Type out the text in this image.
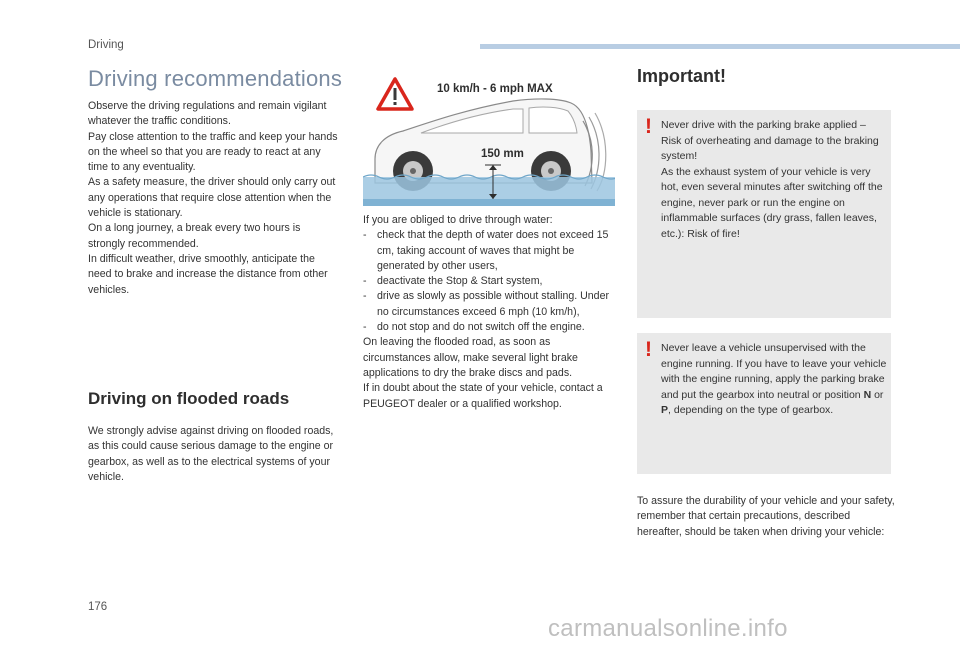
Driving
Driving recommendations

Observe the driving regulations and remain vigilant whatever the traffic conditions.

Pay close attention to the traffic and keep your hands on the wheel so that you are ready to react at any time to any eventuality.

As a safety measure, the driver should only carry out any operations that require close attention when the vehicle is stationary.

On a long journey, a break every two hours is strongly recommended.

In difficult weather, drive smoothly, anticipate the need to brake and increase the distance from other vehicles.

Driving on flooded roads

We strongly advise against driving on flooded roads, as this could cause serious damage to the engine or gearbox, as well as to the electrical systems of your vehicle.

10 km/h - 6 mph MAX
150 mm

If you are obliged to drive through water:

- check that the depth of water does not exceed 15 cm, taking account of waves that might be generated by other users,
- deactivate the Stop & Start system,
- drive as slowly as possible without stalling. Under no circumstances exceed 6 mph (10 km/h),
- do not stop and do not switch off the engine.

On leaving the flooded road, as soon as circumstances allow, make several light brake applications to dry the brake discs and pads.

If in doubt about the state of your vehicle, contact a PEUGEOT dealer or a qualified workshop.

Important!
! Never drive with the parking brake applied – Risk of overheating and damage to the braking system!

As the exhaust system of your vehicle is very hot, even several minutes after switching off the engine, never park or run the engine on inflammable surfaces (dry grass, fallen leaves, etc.): Risk of fire!

! Never leave a vehicle unsupervised with the engine running. If you have to leave your vehicle with the engine running, apply the parking brake and put the gearbox into neutral or position N or P, depending on the type of gearbox.

To assure the durability of your vehicle and your safety, remember that certain precautions, described hereafter, should be taken when driving your vehicle:

176
carmanualsonline.info
